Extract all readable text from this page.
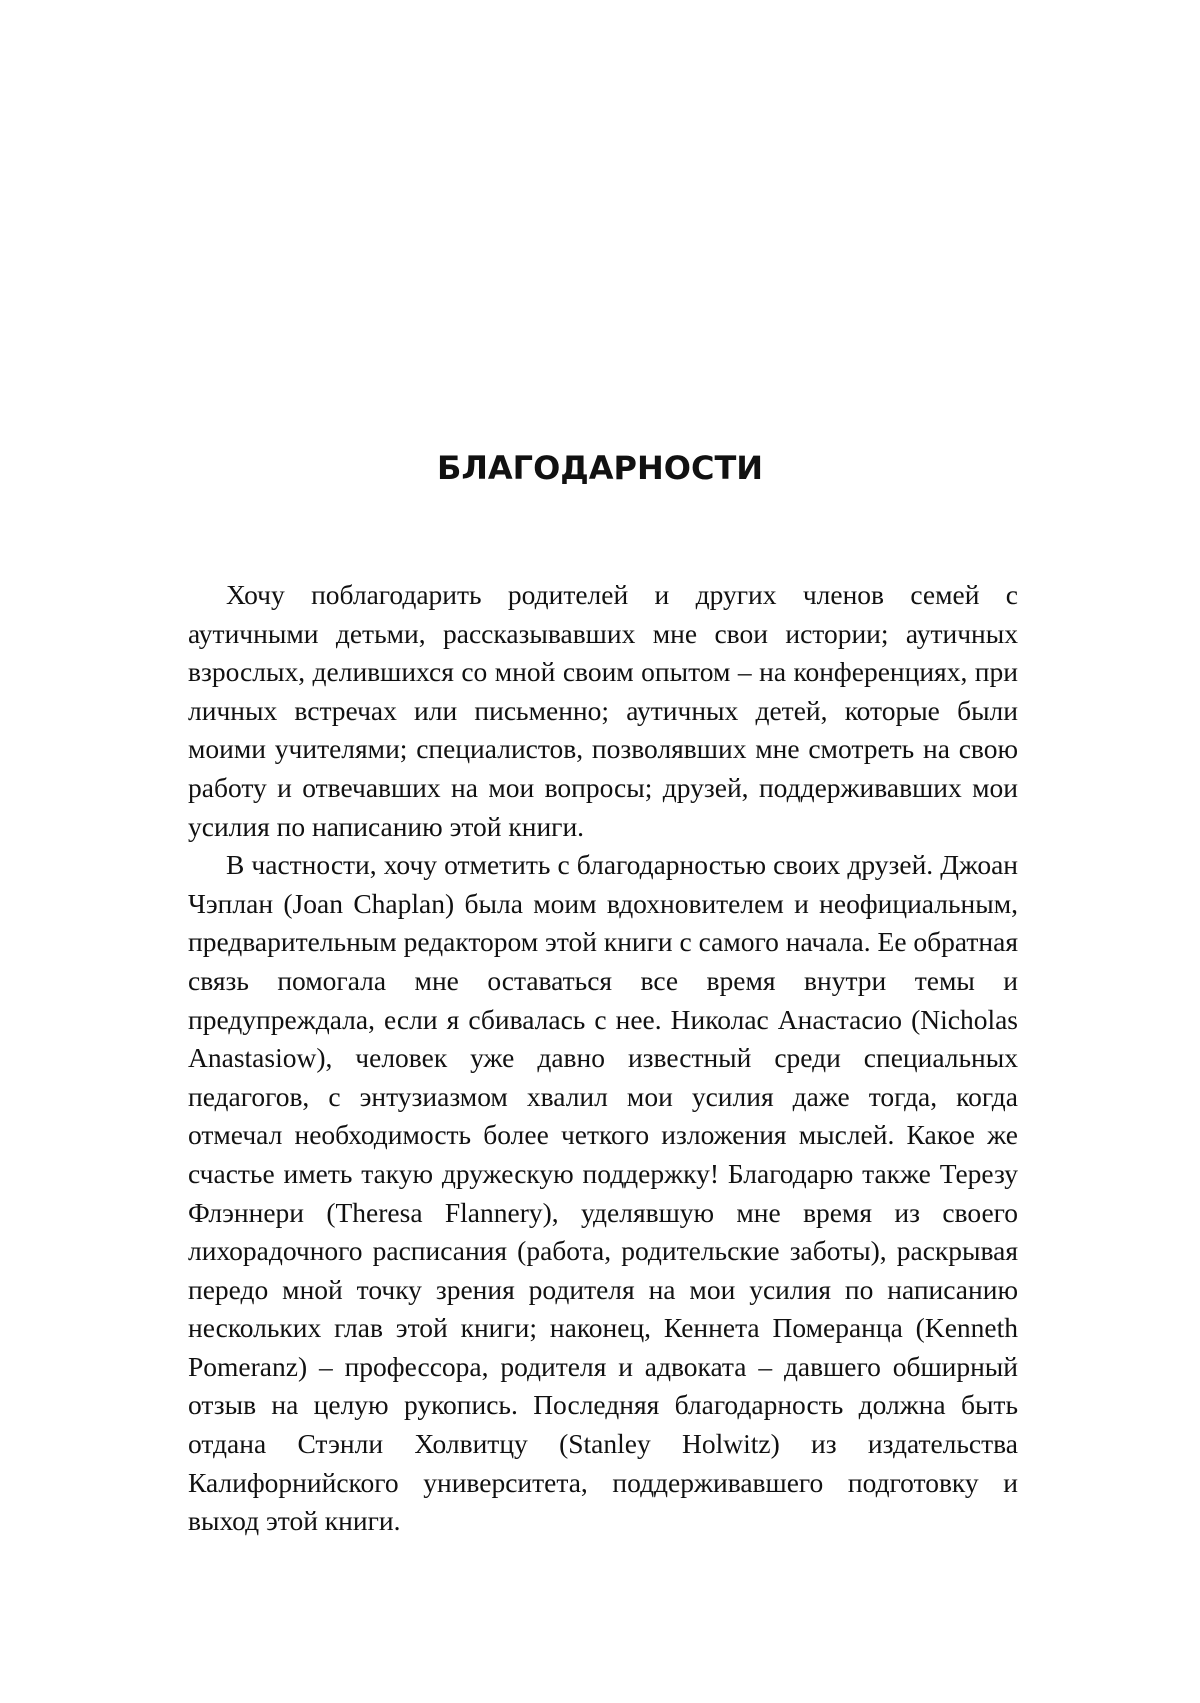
БЛАГОДАРНОСТИ

Хочу поблагодарить родителей и других членов семей с аутичными детьми, рассказывавших мне свои истории; аутичных взрослых, делившихся со мной своим опытом – на конференциях, при личных встречах или письменно; аутичных детей, которые были моими учителями; специалистов, позволявших мне смотреть на свою работу и отвечавших на мои вопросы; друзей, поддерживавших мои усилия по написанию этой книги.

В частности, хочу отметить с благодарностью своих друзей. Джоан Чэплан (Joan Chaplan) была моим вдохновителем и неофициальным, предварительным редактором этой книги с самого начала. Ее обратная связь помогала мне оставаться все время внутри темы и предупреждала, если я сбивалась с нее. Николас Анастасио (Nicholas Anastasiow), человек уже давно известный среди специальных педагогов, с энтузиазмом хвалил мои усилия даже тогда, когда отмечал необходимость более четкого изложения мыслей. Какое же счастье иметь такую дружескую поддержку! Благодарю также Терезу Флэннери (Theresa Flannery), уделявшую мне время из своего лихорадочного расписания (работа, родительские заботы), раскрывая передо мной точку зрения родителя на мои усилия по написанию нескольких глав этой книги; наконец, Кеннета Померанца (Kenneth Pomeranz) – профессора, родителя и адвоката – давшего обширный отзыв на целую рукопись. Последняя благодарность должна быть отдана Стэнли Холвитцу (Stanley Holwitz) из издательства Калифорнийского университета, поддерживавшего подготовку и выход этой книги.
